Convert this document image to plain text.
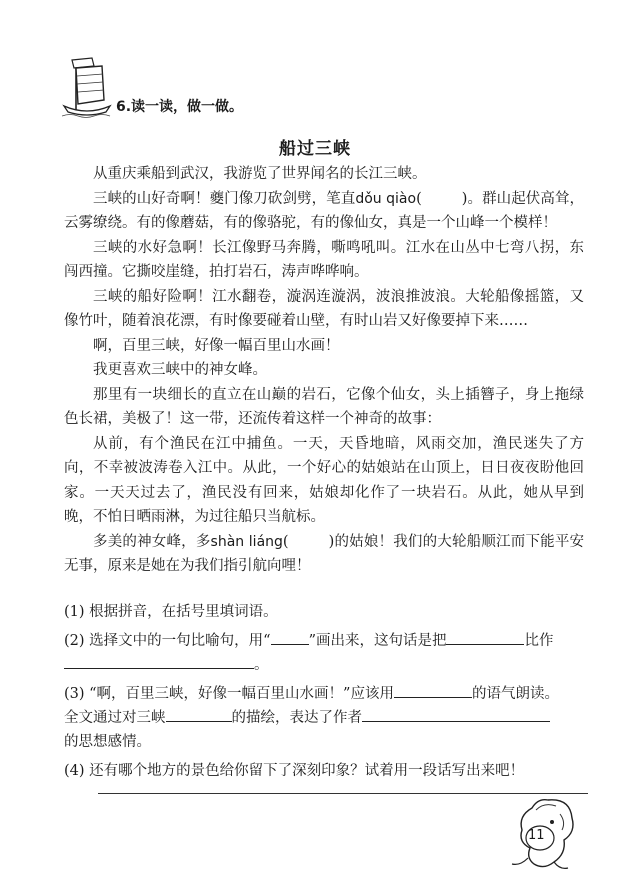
6.读一读，做一做。
船过三峡

从重庆乘船到武汉，我游览了世界闻名的长江三峡。

三峡的山好奇啊！夔门像刀砍剑劈，笔直dǒu qiào(	)。群山起伏高耸，云雾缭绕。有的像蘑菇，有的像骆驼，有的像仙女，真是一个山峰一个模样！

三峡的水好急啊！长江像野马奔腾，嘶鸣吼叫。江水在山丛中七弯八拐，东闯西撞。它撕咬崖缝，拍打岩石，涛声哗哗响。

三峡的船好险啊！江水翻卷，漩涡连漩涡，波浪推波浪。大轮船像摇篮，又像竹叶，随着浪花漂，有时像要碰着山壁，有时山岩又好像要掉下来……

啊，百里三峡，好像一幅百里山水画！

我更喜欢三峡中的神女峰。

那里有一块细长的直立在山巅的岩石，它像个仙女，头上插簪子，身上拖绿色长裙，美极了！这一带，还流传着这样一个神奇的故事：

从前，有个渔民在江中捕鱼。一天，天昏地暗，风雨交加，渔民迷失了方向，不幸被波涛卷入江中。从此，一个好心的姑娘站在山顶上，日日夜夜盼他回家。一天天过去了，渔民没有回来，姑娘却化作了一块岩石。从此，她从早到晚，不怕日晒雨淋，为过往船只当航标。

多美的神女峰，多shàn liáng(	)的姑娘！我们的大轮船顺江而下能平安无事，原来是她在为我们指引航向哩！

(1) 根据拼音，在括号里填词语。

(2) 选择文中的一句比喻句，用“	”画出来，这句话是把	比作
。

(3) “啊，百里三峡，好像一幅百里山水画！”应该用	的语气朗读。
全文通过对三峡	的描绘，表达了作者
的思想感情。

(4) 还有哪个地方的景色给你留下了深刻印象？试着用一段话写出来吧！

11
